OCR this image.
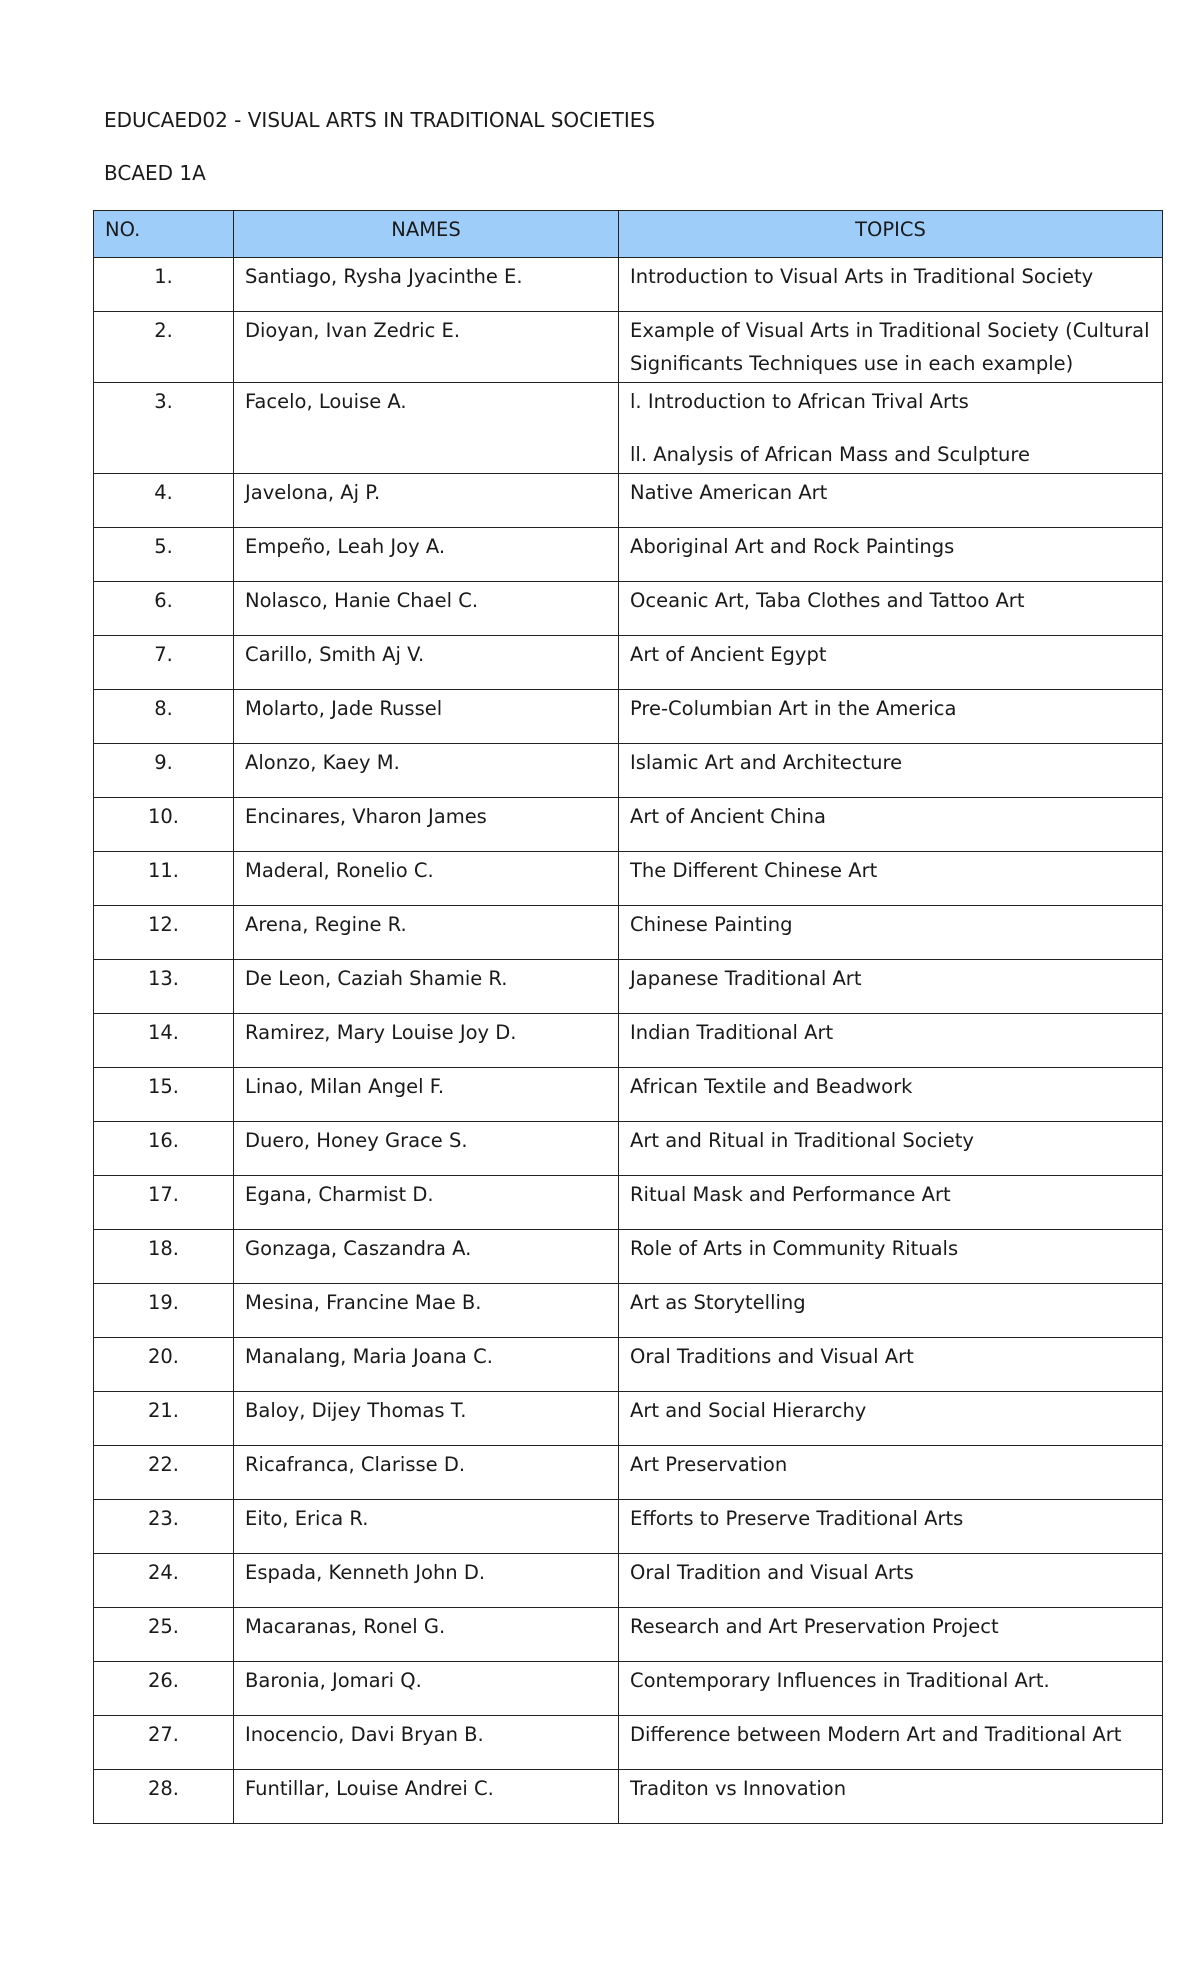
EDUCAED02 - VISUAL ARTS IN TRADITIONAL SOCIETIES
BCAED 1A
NO.	NAMES	TOPICS
1.	Santiago, Rysha Jyacinthe E.	Introduction to Visual Arts in Traditional Society

2.	Dioyan, Ivan Zedric E.	Example of Visual Arts in Traditional Society (Cultural Significants Techniques use in each example)

3.	Facelo, Louise A.	l. Introduction to African Trival Arts
ll. Analysis of African Mass and Sculpture

4.	Javelona, Aj P.	Native American Art

5.	Empeño, Leah Joy A.	Aboriginal Art and Rock Paintings

6.	Nolasco, Hanie Chael C.	Oceanic Art, Taba Clothes and Tattoo Art

7.	Carillo, Smith Aj V.	Art of Ancient Egypt

8.	Molarto, Jade Russel	Pre-Columbian Art in the America

9.	Alonzo, Kaey M.	Islamic Art and Architecture

10.	Encinares, Vharon James	Art of Ancient China

11.	Maderal, Ronelio C.	The Different Chinese Art

12.	Arena, Regine R.	Chinese Painting

13.	De Leon, Caziah Shamie R.	Japanese Traditional Art

14.	Ramirez, Mary Louise Joy D.	Indian Traditional Art

15.	Linao, Milan Angel F.	African Textile and Beadwork

16.	Duero, Honey Grace S.	Art and Ritual in Traditional Society

17.	Egana, Charmist D.	Ritual Mask and Performance Art

18.	Gonzaga, Caszandra A.	Role of Arts in Community Rituals

19.	Mesina, Francine Mae B.	Art as Storytelling

20.	Manalang, Maria Joana C.	Oral Traditions and Visual Art

21.	Baloy, Dijey Thomas T.	Art and Social Hierarchy

22.	Ricafranca, Clarisse D.	Art Preservation

23.	Eito, Erica R.	Efforts to Preserve Traditional Arts

24.	Espada, Kenneth John D.	Oral Tradition and Visual Arts

25.	Macaranas, Ronel G.	Research and Art Preservation Project

26.	Baronia, Jomari Q.	Contemporary Influences in Traditional Art.

27.	Inocencio, Davi Bryan B.	Difference between Modern Art and Traditional Art

28.	Funtillar, Louise Andrei C.	Traditon vs Innovation
